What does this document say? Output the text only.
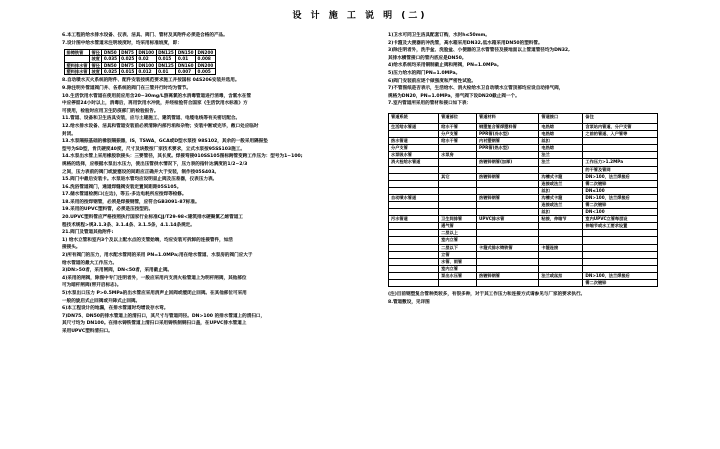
设 计 施 工 说 明 (二)
6.本工程的给水排水设备、仪表、洁具、阀门、管材及其附件必须是合格的产品。
7.设计图中给水管道未注明坡度时，均采用标准坡度，即：
排铸铁管	管径	DN50	DN75	DN100	DN125	DN150	DN200
	坡度	0.035	0.025	0.02	0.015	0.01	0.008
塑料排水管	管径	DN50	DN75	DN100	DN125	DN160	DN200
塑料排水管	坡度	0.025	0.015	0.012	0.01	0.007	0.005
8.自动喷水灭火系统的附件、配件安装按规范要求施工并按国标 04S206安装并选用。
9.除注明外管道阀门井、各系统的阀门在三管并行时均为管节。
10.生活饮用水管道在使用前应用含20~30mg/L游离氯的水消毒管道进行消毒，含氯水在管
中应停留24小时以上，消毒后，再用饮用水冲洗，并经检验符合国家《生活饮用水标准》方
可使用，检验时应用卫生防疫部门的检验报告。
11.管道、设备和卫生洁具安装，应与土建施工、建筑管道、电缆电线等有关密切配合。
12.给水排水设备、洁具和管道安装前必须清除内部污垢和杂物；安装中断或完毕，敞口处应临时
封闭。
13.水泵隔振基础的橡胶隔振器，IS，TSWA，GCA或D型水泵按 98S102，其余的一般采用隔振垫
型号为SD型，肯氏硬度40度，尺寸及块数按厂家技术要求，立式水泵按95SS103施工。
14.水泵出水管上采用橡胶软接头：三要管径，其长度。焊接弯接010SS105图标跨管变跨工作压为：型号为1~100;
规格的选择，应根据水泵出水压力，使出压管供水情况下，压力表的指针达满度的1/2~2/3
之间，压力表前的阀门或旋塞设的间距应正确并大于安装，制作按05S403。
15.阀门中最后安装卡。水泵进水管均应设明显止阀及压差器，仪表压力表。
16.洗浴管道阀门，通道焊缝阀安装定置间距距05S105。
17.储水管道检测口(左边)，等五-多边电耗所应按焊等检修。
18.采用的按焊钢管，必须是焊接钢管，应符合GB3091-87标准。
19.采用的UPVC塑料管，必须是压按型的。
20.UPVC塑料管应严格按照执行国家行业标准CJJ/T29-98<建筑排水硬聚氯乙烯管道工
程技术规程>规3.1.3条、3.1.4条、3.1.5条，4.1.14条规定。
21.阀门及管道其他附件:
1) 给水立管和室内3个及以上配水点的支管始端，均应安装可拆卸的连接管件，如活
接接头。
2)所有阀门的压力，用水配水管网的采用 PN=1.0MPa;用在给水管道、水泵房的阀门应大于
给水管道的最大工作压力。
3)DN>50者，采用闸阀，DN<50者，采用截止阀。
4)采用的闸阀，除图中专门注明者外，一般应采用内支消火栓管道上为明杆闸阀，其他部位
可为暗杆闸阀(带开启标志)。
5)水泵出口压力 P>0.5MPa的出水管应采用消声止回阀或缓闭止回阀。在其他部位可采用
一般的旋启式止回阀或升降式止回阀。
6)本工程设计的地漏，在排水管道时均增设存水弯。
7)DN75、DN50的排水管道上的清扫口，其尺寸与管道同径。DN>100 的排水管道上的清扫口，
其尺寸均为 DN100。在排水铸铁管道上清扫口采用铸铁制铜扫口盖，在UPVC排水管道上
采用UPVC塑料清扫口。
1)卫水可同卫生洁具配套订购，水封h≤50mm。
2)卡箍及大便器的冲洗管，高水箱采用DN32,低水箱采用DN50的塑料管。
3)除注明者外，洗手盆、洗脸盆、小便器的卫水管管径及接地面以上管道管径均为DN32,
其排水横管接口的管内底应是DN50。
4)给水系统均采用铜制截止阀和闸阀，PN=1.0MPa。
5)压力给水的阀门PN=1.0MPa。
6)阀门安装前应逐个做强度和严密性试验。
7)不管图纸是否表示，生活给水、消火栓给水卫自动喷水立管顶部均应设自动排气阀，
规格为DN20，PN=1.0MPa，排气阀下设DN20截止阀一个。
7.室内管道所采用的管材和接口如下表：
管道系统	管道部位	管道材料	管道接口	备注
生活给水管道	给水干管	钢塑复合管焊塑料管	电热熔	含泵站内管道、分户支管
	分户支管	PPR管(冷水型)	电热熔	之前的管道、入户管等
热水管道	给水干管	内衬塑钢管	丝扣	
分户支管		PPR管(热水型)	电热熔	
水泵吸水管	水泵房		法兰	
消火栓给水管道		热镀锌钢管(加厚)	法兰	工作压力>1.2MPa
				的干管及管网
	其它	热镀锌钢管	沟槽式卡箍	DN>100，法兰焊接后
			连接或法兰	需二次镀锌
			丝扣	DN≤100
自动喷水管道		热镀锌钢管	沟槽式卡箍	DN>100，法兰焊接后
			连接或法兰	需二次镀锌
			丝扣	DN<100
污水管道	卫生间排管	UPVC排水管	粘接，伸缩节	室内UPVC立管每层设
	通气管			伸缩节或水工要求设置
	二层以上			
	室内立管			
	二层以下	卡箍式排水铸铁管	卡箍连接	
	立管			
	水管、雨管			
	室内立管			
	泵出水压管	热镀锌钢管	法兰或丝扣	DN>100，法兰焊接后
				需二次镀锌
(注)目前钢塑复合管种类较多，有很多种，对于其工作压力和连接方式请参见与厂家的要求执行。
8.管道敷设，见详图
